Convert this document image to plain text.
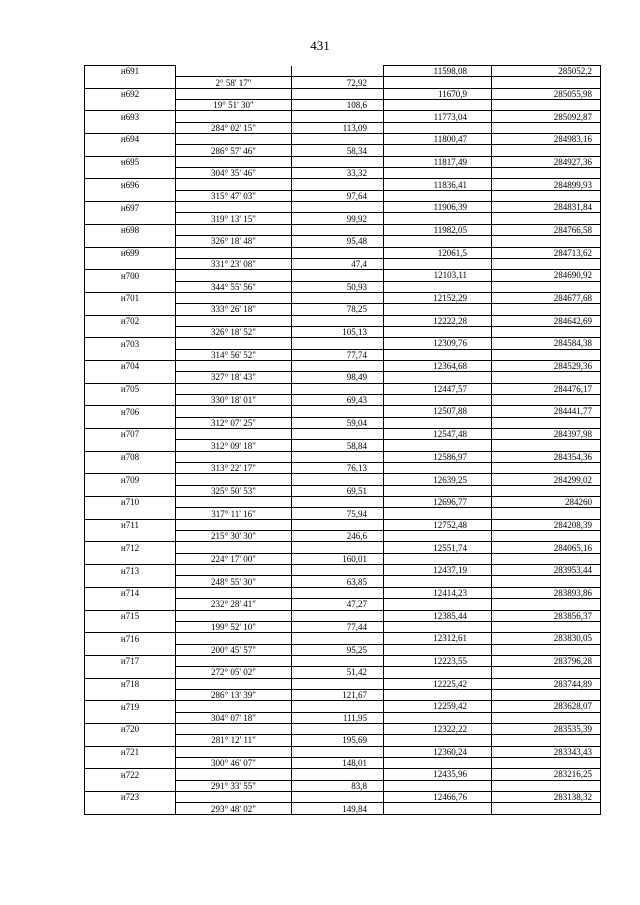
431
н691			11598,08	285052,2
	2° 58' 17"	72,92		
н692			11670,9	285055,98
	19° 51' 30"	108,6		
н693			11773,04	285092,87
	284° 02' 15"	113,09		
н694			11800,47	284983,16
	286° 57' 46"	58,34		
н695			11817,49	284927,36
	304° 35' 46"	33,32		
н696			11836,41	284899,93
	315° 47' 03"	97,64		
н697			11906,39	284831,84
	319° 13' 15"	99,92		
н698			11982,05	284766,58
	326° 18' 48"	95,48		
н699			12061,5	284713,62
	331° 23' 08"	47,4		
н700			12103,11	284690,92
	344° 55' 56"	50,93		
н701			12152,29	284677,68
	333° 26' 18"	78,25		
н702			12222,28	284642,69
	326° 18' 52"	105,13		
н703			12309,76	284584,38
	314° 56' 52"	77,74		
н704			12364,68	284529,36
	327° 18' 43"	98,49		
н705			12447,57	284476,17
	330° 18' 01"	69,43		
н706			12507,88	284441,77
	312° 07' 25"	59,04		
н707			12547,48	284397,98
	312° 09' 18"	58,84		
н708			12586,97	284354,36
	313° 22' 17"	76,13		
н709			12639,25	284299,02
	325° 50' 53"	69,51		
н710			12696,77	284260
	317° 11' 16"	75,94		
н711			12752,48	284208,39
	215° 30' 30"	246,6		
н712			12551,74	284065,16
	224° 17' 00"	160,01		
н713			12437,19	283953,44
	248° 55' 30"	63,85		
н714			12414,23	283893,86
	232° 28' 41"	47,27		
н715			12385,44	283856,37
	199° 52' 10"	77,44		
н716			12312,61	283830,05
	200° 45' 57"	95,25		
н717			12223,55	283796,28
	272° 05' 02"	51,42		
н718			12225,42	283744,89
	286° 13' 39"	121,67		
н719			12259,42	283628,07
	304° 07' 18"	111,95		
н720			12322,22	283535,39
	281° 12' 11"	195,69		
н721			12360,24	283343,43
	300° 46' 07"	148,01		
н722			12435,96	283216,25
	291° 33' 55"	83,8		
н723			12466,76	283138,32
	293° 48' 02"	149,84		
